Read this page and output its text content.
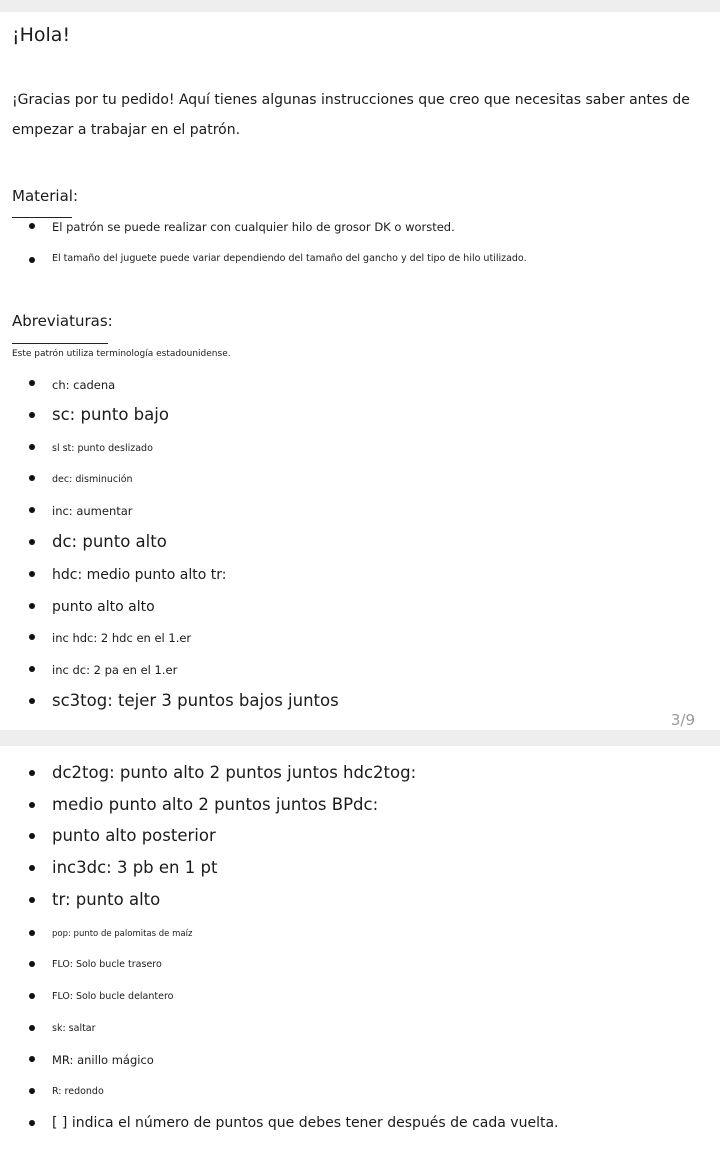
¡Hola!
¡Gracias por tu pedido! Aquí tienes algunas instrucciones que creo que necesitas saber antes de
empezar a trabajar en el patrón.
Material:
El patrón se puede realizar con cualquier hilo de grosor DK o worsted.
El tamaño del juguete puede variar dependiendo del tamaño del gancho y del tipo de hilo utilizado.
Abreviaturas:
Este patrón utiliza terminología estadounidense.
ch: cadena
sc: punto bajo
sl st: punto deslizado
dec: disminución
inc: aumentar
dc: punto alto
hdc: medio punto alto tr:
punto alto alto
inc hdc: 2 hdc en el 1.er
inc dc: 2 pa en el 1.er
sc3tog: tejer 3 puntos bajos juntos
3/9
dc2tog: punto alto 2 puntos juntos hdc2tog:
medio punto alto 2 puntos juntos BPdc:
punto alto posterior
inc3dc: 3 pb en 1 pt
tr: punto alto
pop: punto de palomitas de maíz
FLO: Solo bucle trasero
FLO: Solo bucle delantero
sk: saltar
MR: anillo mágico
R: redondo
[ ] indica el número de puntos que debes tener después de cada vuelta.
